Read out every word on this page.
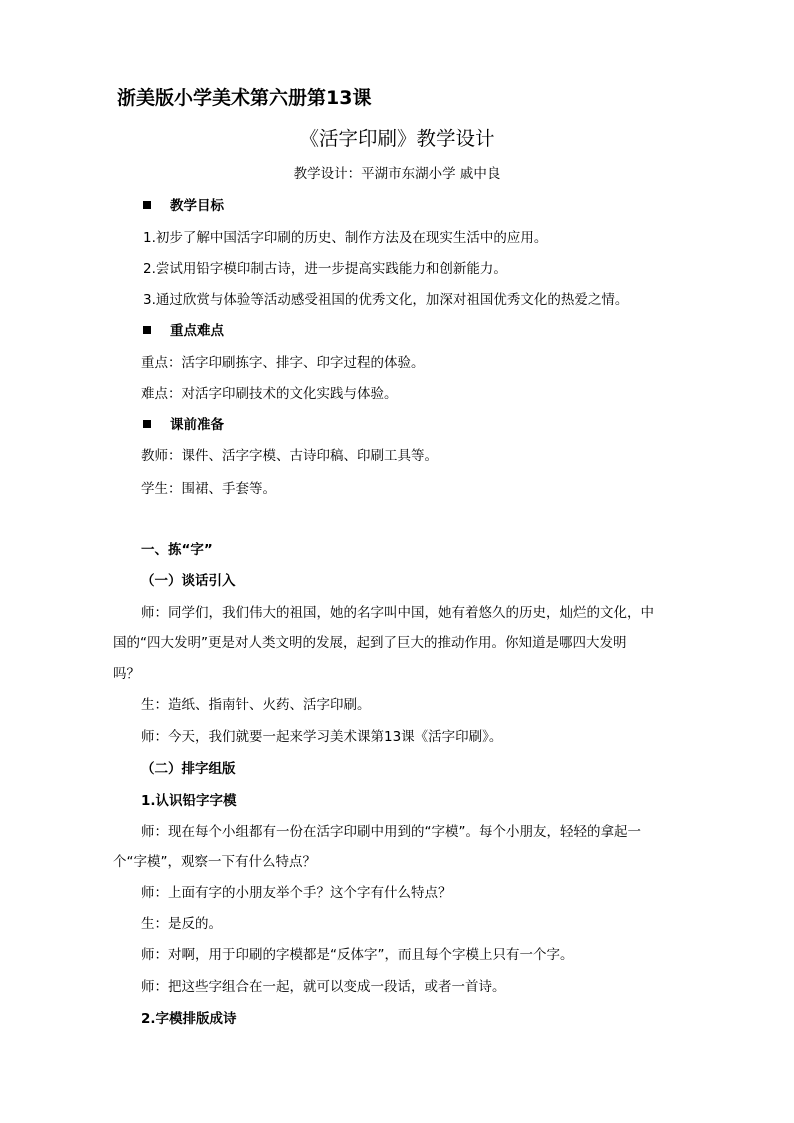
浙美版小学美术第六册第13课
《活字印刷》教学设计
教学设计：平湖市东湖小学 戚中良
教学目标
1.初步了解中国活字印刷的历史、制作方法及在现实生活中的应用。
2.尝试用铅字模印制古诗，进一步提高实践能力和创新能力。
3.通过欣赏与体验等活动感受祖国的优秀文化，加深对祖国优秀文化的热爱之情。
重点难点
重点：活字印刷拣字、排字、印字过程的体验。
难点：对活字印刷技术的文化实践与体验。
课前准备
教师：课件、活字字模、古诗印稿、印刷工具等。
学生：围裙、手套等。
一、拣“字”
（一）谈话引入
师：同学们，我们伟大的祖国，她的名字叫中国，她有着悠久的历史，灿烂的文化，中
国的“四大发明”更是对人类文明的发展，起到了巨大的推动作用。你知道是哪四大发明
吗？
生：造纸、指南针、火药、活字印刷。
师：今天，我们就要一起来学习美术课第13课《活字印刷》。
（二）排字组版
1.认识铅字字模
师：现在每个小组都有一份在活字印刷中用到的“字模”。每个小朋友，轻轻的拿起一
个“字模”，观察一下有什么特点？
师：上面有字的小朋友举个手？这个字有什么特点？
生：是反的。
师：对啊，用于印刷的字模都是“反体字”，而且每个字模上只有一个字。
师：把这些字组合在一起，就可以变成一段话，或者一首诗。
2.字模排版成诗
